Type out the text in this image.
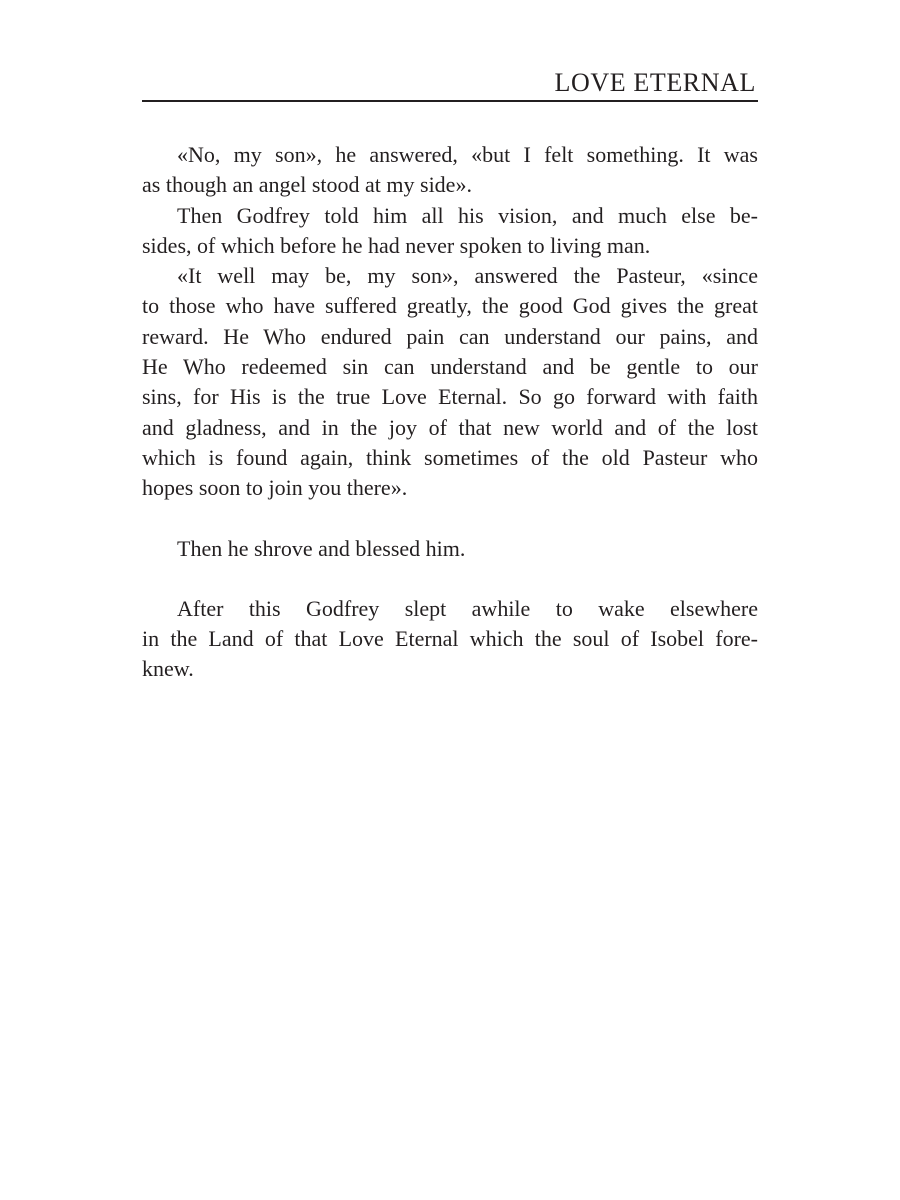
LOVE ETERNAL
«No, my son», he answered, «but I felt something. It was
as though an angel stood at my side».
Then Godfrey told him all his vision, and much else be-
sides, of which before he had never spoken to living man.
«It well may be, my son», answered the Pasteur, «since
to those who have suffered greatly, the good God gives the great
reward. He Who endured pain can understand our pains, and
He Who redeemed sin can understand and be gentle to our
sins, for His is the true Love Eternal. So go forward with faith
and gladness, and in the joy of that new world and of the lost
which is found again, think sometimes of the old Pasteur who
hopes soon to join you there».
Then he shrove and blessed him.
After this Godfrey slept awhile to wake elsewhere
in the Land of that Love Eternal which the soul of Isobel fore-
knew.
